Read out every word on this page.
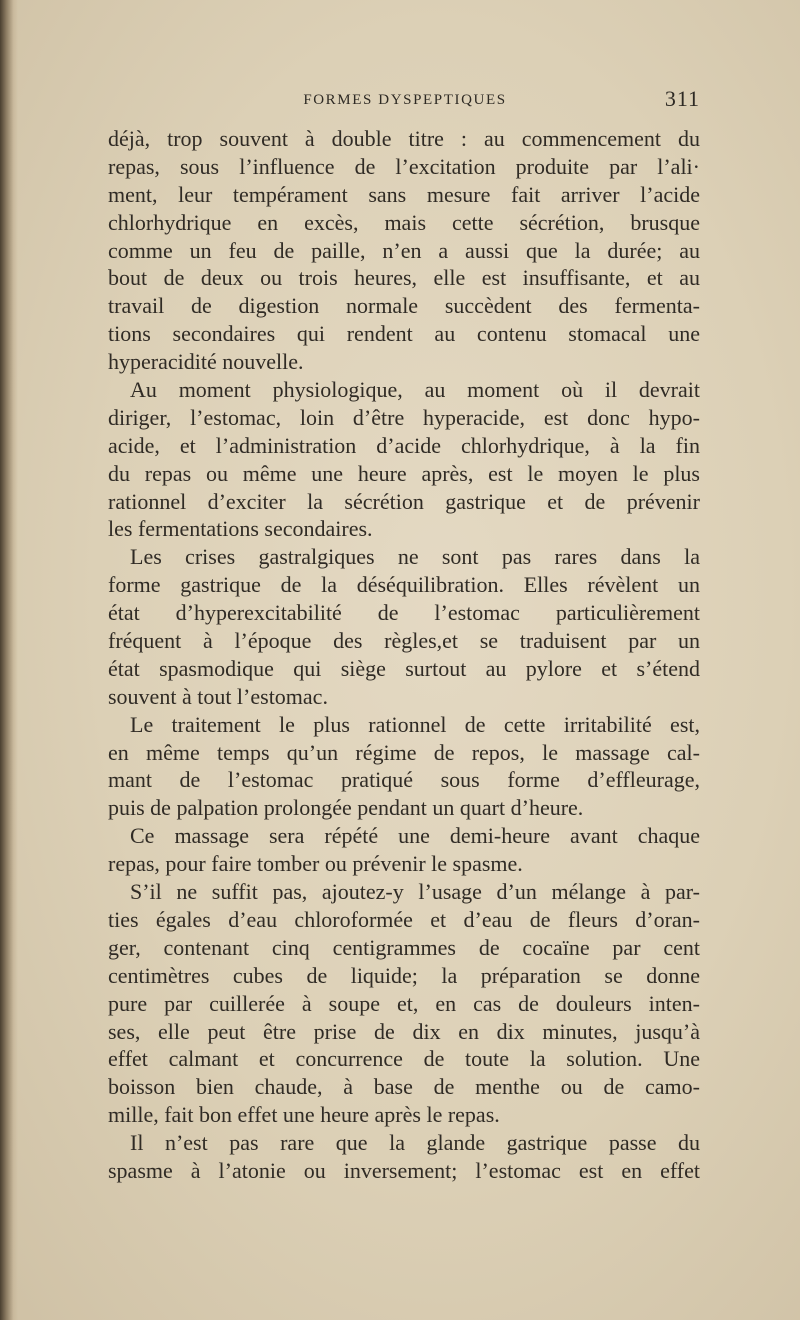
FORMES DYSPEPTIQUES	311
déjà, trop souvent à double titre : au commencement du
repas, sous l’influence de l’excitation produite par l’ali·
ment, leur tempérament sans mesure fait arriver l’acide
chlorhydrique en excès, mais cette sécrétion, brusque
comme un feu de paille, n’en a aussi que la durée; au
bout de deux ou trois heures, elle est insuffisante, et au
travail de digestion normale succèdent des fermenta-
tions secondaires qui rendent au contenu stomacal une
hyperacidité nouvelle.
Au moment physiologique, au moment où il devrait
diriger, l’estomac, loin d’être hyperacide, est donc hypo-
acide, et l’administration d’acide chlorhydrique, à la fin
du repas ou même une heure après, est le moyen le plus
rationnel d’exciter la sécrétion gastrique et de prévenir
les fermentations secondaires.
Les crises gastralgiques ne sont pas rares dans la
forme gastrique de la déséquilibration. Elles révèlent un
état d’hyperexcitabilité de l’estomac particulièrement
fréquent à l’époque des règles,et se traduisent par un
état spasmodique qui siège surtout au pylore et s’étend
souvent à tout l’estomac.
Le traitement le plus rationnel de cette irritabilité est,
en même temps qu’un régime de repos, le massage cal-
mant de l’estomac pratiqué sous forme d’effleurage,
puis de palpation prolongée pendant un quart d’heure.
Ce massage sera répété une demi-heure avant chaque
repas, pour faire tomber ou prévenir le spasme.
S’il ne suffit pas, ajoutez-y l’usage d’un mélange à par-
ties égales d’eau chloroformée et d’eau de fleurs d’oran-
ger, contenant cinq centigrammes de cocaïne par cent
centimètres cubes de liquide; la préparation se donne
pure par cuillerée à soupe et, en cas de douleurs inten-
ses, elle peut être prise de dix en dix minutes, jusqu’à
effet calmant et concurrence de toute la solution. Une
boisson bien chaude, à base de menthe ou de camo-
mille, fait bon effet une heure après le repas.
Il n’est pas rare que la glande gastrique passe du
spasme à l’atonie ou inversement; l’estomac est en effet
